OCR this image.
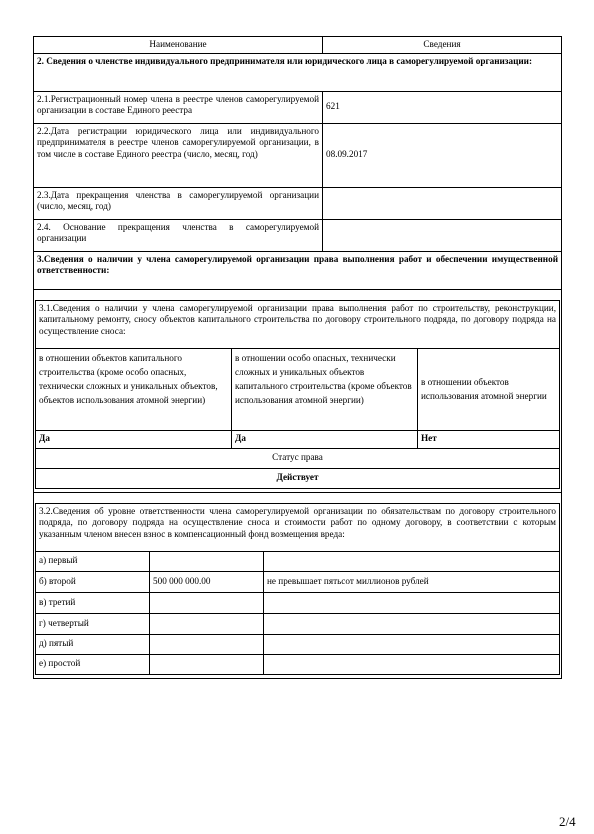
Наименование	Сведения
2. Сведения о членстве индивидуального предпринимателя или юридического лица в саморегулируемой организации:
2.1.Регистрационный номер члена в реестре членов саморегулируемой организации в составе Единого реестра	621
2.2.Дата регистрации юридического лица или индивидуального предпринимателя в реестре членов саморегулируемой организации, в том числе в составе Единого реестра (число, месяц, год)	08.09.2017
2.3.Дата прекращения членства в саморегулируемой организации (число, месяц, год)	
2.4. Основание прекращения членства в саморегулируемой организации	
3.Сведения о наличии у члена саморегулируемой организации права выполнения работ и обеспечении имущественной ответственности:

3.1.Сведения о наличии у члена саморегулируемой организации права выполнения работ по строительству, реконструкции, капитальному ремонту, сносу объектов капитального строительства по договору строительного подряда, по договору подряда на осуществление сноса:
в отношении объектов капитального строительства (кроме особо опасных, технически сложных и уникальных объектов, объектов использования атомной энергии)	в отношении особо опасных, технически сложных и уникальных объектов капитального строительства (кроме объектов использования атомной энергии)	в отношении объектов использования атомной энергии
Да	Да	Нет
Статус права
Действует

3.2.Сведения об уровне ответственности члена саморегулируемой организации по обязательствам по договору строительного подряда, по договору подряда на осуществление сноса и стоимости работ по одному договору, в соответствии с которым указанным членом внесен взнос в компенсационный фонд возмещения вреда:
а) первый		
б) второй	500 000 000.00	не превышает пятьсот миллионов рублей
в) третий		
г) четвертый		
д) пятый		
е) простой		
2/4
